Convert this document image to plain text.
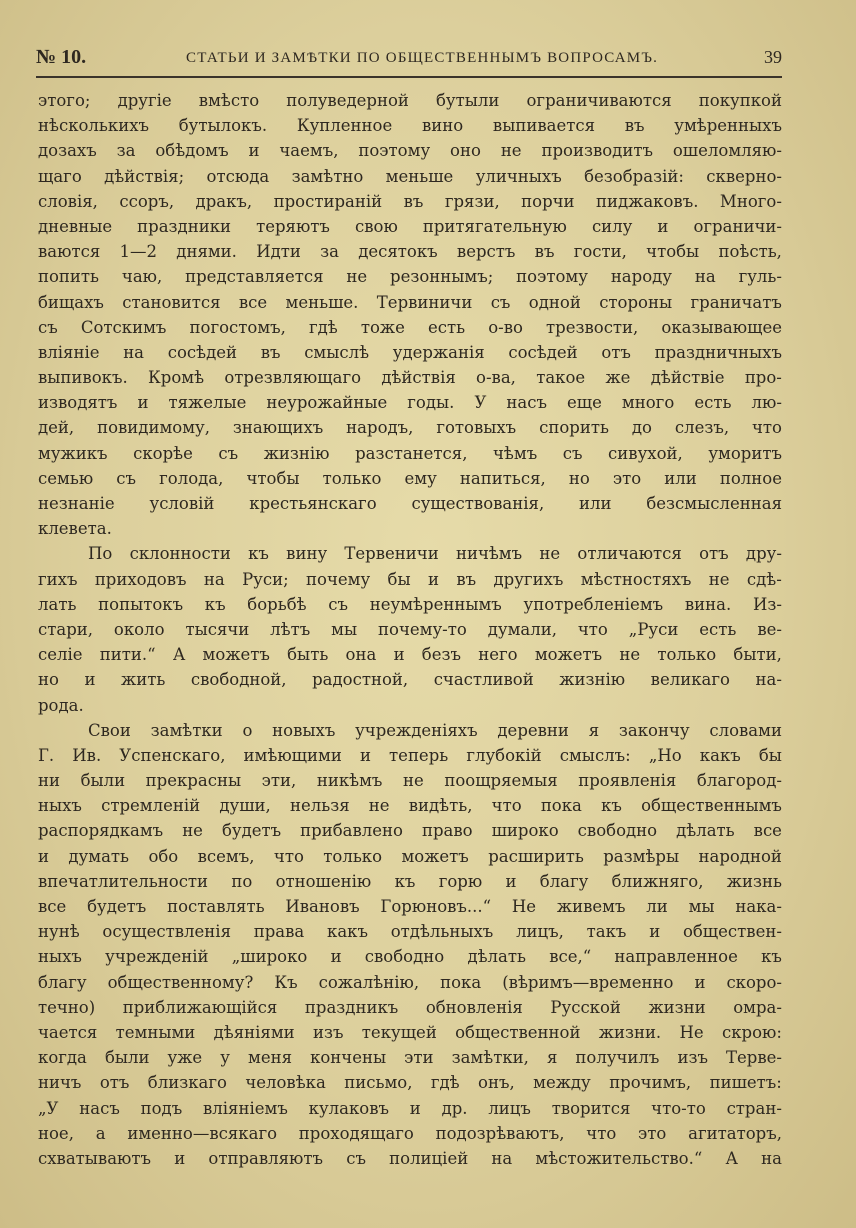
№ 10.	СТАТЬИ И ЗАМѢТКИ ПО ОБЩЕСТВЕННЫМЪ ВОПРОСАМЪ.	39
этого; другіе вмѣсто полуведерной бутыли ограничиваются покупкой
нѣсколькихъ бутылокъ. Купленное вино выпивается въ умѣренныхъ
дозахъ за обѣдомъ и чаемъ, поэтому оно не производитъ ошеломляю-
щаго дѣйствія; отсюда замѣтно меньше уличныхъ безобразій: скверно-
словія, ссоръ, дракъ, простираній въ грязи, порчи пиджаковъ. Много-
дневные праздники теряютъ свою притягательную силу и ограничи-
ваются 1—2 днями. Идти за десятокъ верстъ въ гости, чтобы поѣсть,
попить чаю, представляется не резоннымъ; поэтому народу на гуль-
бищахъ становится все меньше. Тервиничи съ одной стороны граничатъ
съ Сотскимъ погостомъ, гдѣ тоже есть о-во трезвости, оказывающее
вліяніе на сосѣдей въ смыслѣ удержанія сосѣдей отъ праздничныхъ
выпивокъ. Кромѣ отрезвляющаго дѣйствія о-ва, такое же дѣйствіе про-
изводятъ и тяжелые неурожайные годы. У насъ еще много есть лю-
дей, повидимому, знающихъ народъ, готовыхъ спорить до слезъ, что
мужикъ скорѣе съ жизнію разстанется, чѣмъ съ сивухой, уморитъ
семью съ голода, чтобы только ему напиться, но это или полное
незнаніе условій крестьянскаго существованія, или безсмысленная
клевета.
По склонности къ вину Тервеничи ничѣмъ не отличаются отъ дру-
гихъ приходовъ на Руси; почему бы и въ другихъ мѣстностяхъ не сдѣ-
лать попытокъ къ борьбѣ съ неумѣреннымъ употребленіемъ вина. Из-
стари, около тысячи лѣтъ мы почему-то думали, что „Руси есть ве-
селіе пити.“ А можетъ быть она и безъ него можетъ не только быти,
но и жить свободной, радостной, счастливой жизнію великаго на-
рода.
Свои замѣтки о новыхъ учрежденіяхъ деревни я закончу словами
Г. Ив. Успенскаго, имѣющими и теперь глубокій смыслъ: „Но какъ бы
ни были прекрасны эти, никѣмъ не поощряемыя проявленія благород-
ныхъ стремленій души, нельзя не видѣть, что пока къ общественнымъ
распорядкамъ не будетъ прибавлено право широко свободно дѣлать все
и думать обо всемъ, что только можетъ расширить размѣры народной
впечатлительности по отношенію къ горю и благу ближняго, жизнь
все будетъ поставлять Ивановъ Горюновъ...“ Не живемъ ли мы нака-
нунѣ осуществленія права какъ отдѣльныхъ лицъ, такъ и обществен-
ныхъ учрежденій „широко и свободно дѣлать все,“ направленное къ
благу общественному? Къ сожалѣнію, пока (вѣримъ—временно и скоро-
течно) приближающійся праздникъ обновленія Русской жизни омра-
чается темными дѣяніями изъ текущей общественной жизни. Не скрою:
когда были уже у меня кончены эти замѣтки, я получилъ изъ Терве-
ничъ отъ близкаго человѣка письмо, гдѣ онъ, между прочимъ, пишетъ:
„У насъ подъ вліяніемъ кулаковъ и др. лицъ творится что-то стран-
ное, а именно—всякаго проходящаго подозрѣваютъ, что это агитаторъ,
схватываютъ и отправляютъ съ полиціей на мѣстожительство.“ А на
